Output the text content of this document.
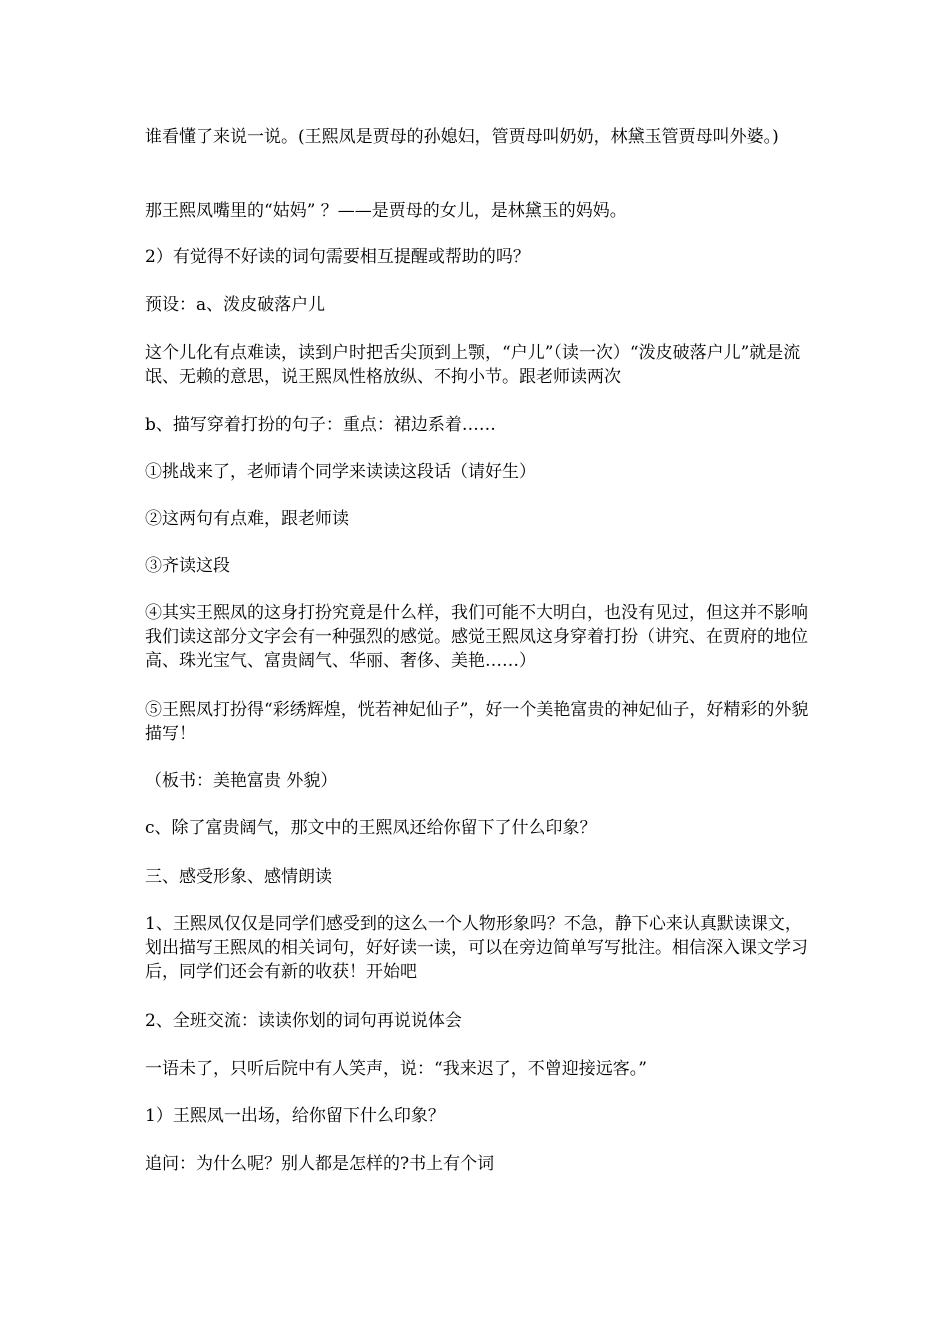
谁看懂了来说一说。(王熙凤是贾母的孙媳妇，管贾母叫奶奶，林黛玉管贾母叫外婆。)

那王熙凤嘴里的“姑妈” ？——是贾母的女儿，是林黛玉的妈妈。

2）有觉得不好读的词句需要相互提醒或帮助的吗？

预设：a、泼皮破落户儿

这个儿化有点难读，读到户时把舌尖顶到上颚，“户儿”（读一次）“泼皮破落户儿”就是流氓、无赖的意思，说王熙凤性格放纵、不拘小节。跟老师读两次

b、描写穿着打扮的句子：重点：裙边系着……

①挑战来了，老师请个同学来读读这段话（请好生）

②这两句有点难，跟老师读

③齐读这段

④其实王熙凤的这身打扮究竟是什么样，我们可能不大明白，也没有见过，但这并不影响我们读这部分文字会有一种强烈的感觉。感觉王熙凤这身穿着打扮（讲究、在贾府的地位高、珠光宝气、富贵阔气、华丽、奢侈、美艳……）

⑤王熙凤打扮得“彩绣辉煌，恍若神妃仙子”，好一个美艳富贵的神妃仙子，好精彩的外貌描写！

（板书：美艳富贵 外貌）

c、除了富贵阔气，那文中的王熙凤还给你留下了什么印象？

三、感受形象、感情朗读

1、王熙凤仅仅是同学们感受到的这么一个人物形象吗？不急，静下心来认真默读课文，划出描写王熙凤的相关词句，好好读一读，可以在旁边简单写写批注。相信深入课文学习后，同学们还会有新的收获！开始吧

2、全班交流：读读你划的词句再说说体会

一语未了，只听后院中有人笑声，说：“我来迟了，不曾迎接远客。”

1）王熙凤一出场，给你留下什么印象？

追问：为什么呢？别人都是怎样的?书上有个词
